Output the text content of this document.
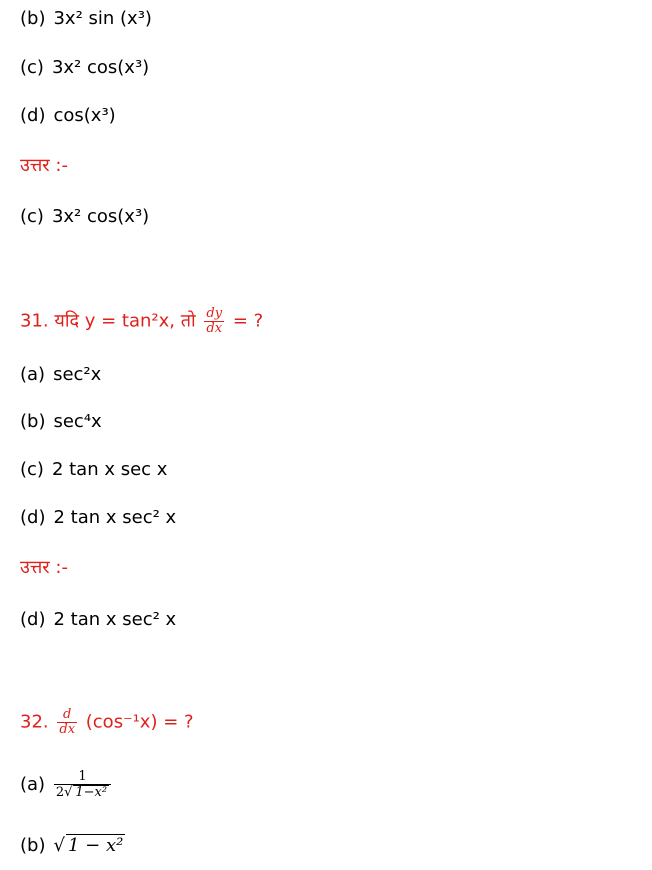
(b) 3x² sin (x³)
(c) 3x² cos(x³)
(d) cos(x³)
उत्तर :-
(c) 3x² cos(x³)
31. यदि y = tan²x, तो $\frac{dy}{dx}$ = ?
(a) sec²x
(b) sec⁴x
(c) 2 tan x sec x
(d) 2 tan x sec² x
उत्तर :-
(d) 2 tan x sec² x
32. $\frac{d}{dx} (\cos^{-1}x)$ = ?
$(a) \frac{1}{\text{2√ 1−x²}}$
(b) √ 1 − x²
